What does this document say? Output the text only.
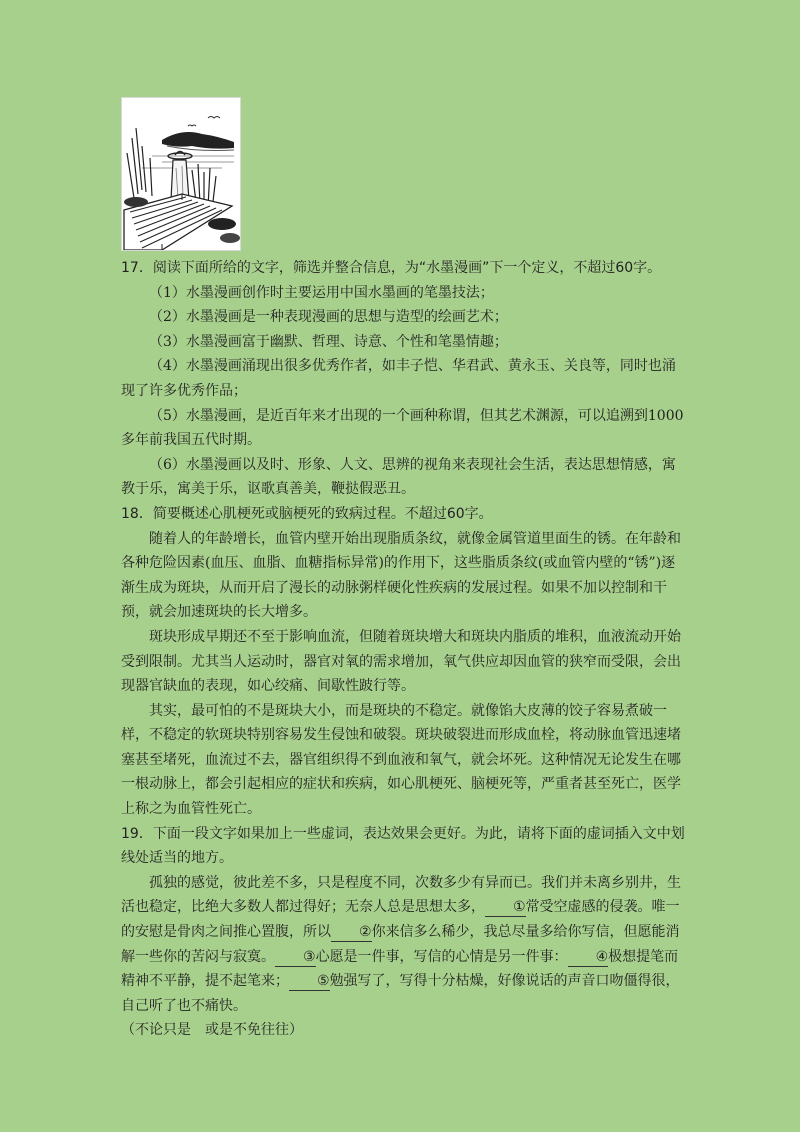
17．阅读下面所给的文字，筛选并整合信息，为“水墨漫画”下一个定义，不超过60字。

（1）水墨漫画创作时主要运用中国水墨画的笔墨技法；

（2）水墨漫画是一种表现漫画的思想与造型的绘画艺术；

（3）水墨漫画富于幽默、哲理、诗意、个性和笔墨情趣；

（4）水墨漫画涌现出很多优秀作者，如丰子恺、华君武、黄永玉、关良等，同时也涌现了许多优秀作品；

（5）水墨漫画，是近百年来才出现的一个画种称谓，但其艺术渊源，可以追溯到1000多年前我国五代时期。

（6）水墨漫画以及时、形象、人文、思辨的视角来表现社会生活，表达思想情感，寓教于乐，寓美于乐，讴歌真善美，鞭挞假恶丑。

18．简要概述心肌梗死或脑梗死的致病过程。不超过60字。

随着人的年龄增长，血管内壁开始出现脂质条纹，就像金属管道里面生的锈。在年龄和各种危险因素(血压、血脂、血糖指标异常)的作用下，这些脂质条纹(或血管内壁的“锈”)逐渐生成为斑块，从而开启了漫长的动脉粥样硬化性疾病的发展过程。如果不加以控制和干预，就会加速斑块的长大增多。

斑块形成早期还不至于影响血流，但随着斑块增大和斑块内脂质的堆积，血液流动开始受到限制。尤其当人运动时，器官对氧的需求增加，氧气供应却因血管的狭窄而受限，会出现器官缺血的表现，如心绞痛、间歇性跛行等。

其实，最可怕的不是斑块大小，而是斑块的不稳定。就像馅大皮薄的饺子容易煮破一样，不稳定的软斑块特别容易发生侵蚀和破裂。斑块破裂进而形成血栓，将动脉血管迅速堵塞甚至堵死，血流过不去，器官组织得不到血液和氧气，就会坏死。这种情况无论发生在哪一根动脉上，都会引起相应的症状和疾病，如心肌梗死、脑梗死等，严重者甚至死亡，医学上称之为血管性死亡。

19．下面一段文字如果加上一些虚词，表达效果会更好。为此，请将下面的虚词插入文中划线处适当的地方。

孤独的感觉，彼此差不多，只是程度不同，次数多少有异而已。我们并未离乡别井，生活也稳定，比绝大多数人都过得好；无奈人总是思想太多， ①常受空虚感的侵袭。唯一的安慰是骨肉之间推心置腹，所以 ②你来信多么稀少，我总尽量多给你写信，但愿能消解一些你的苦闷与寂寞。 ③心愿是一件事，写信的心情是另一件事： ④极想提笔而精神不平静，提不起笔来； ⑤勉强写了，写得十分枯燥，好像说话的声音口吻僵得很，自己听了也不痛快。

（不论只是　或是不免往往）
